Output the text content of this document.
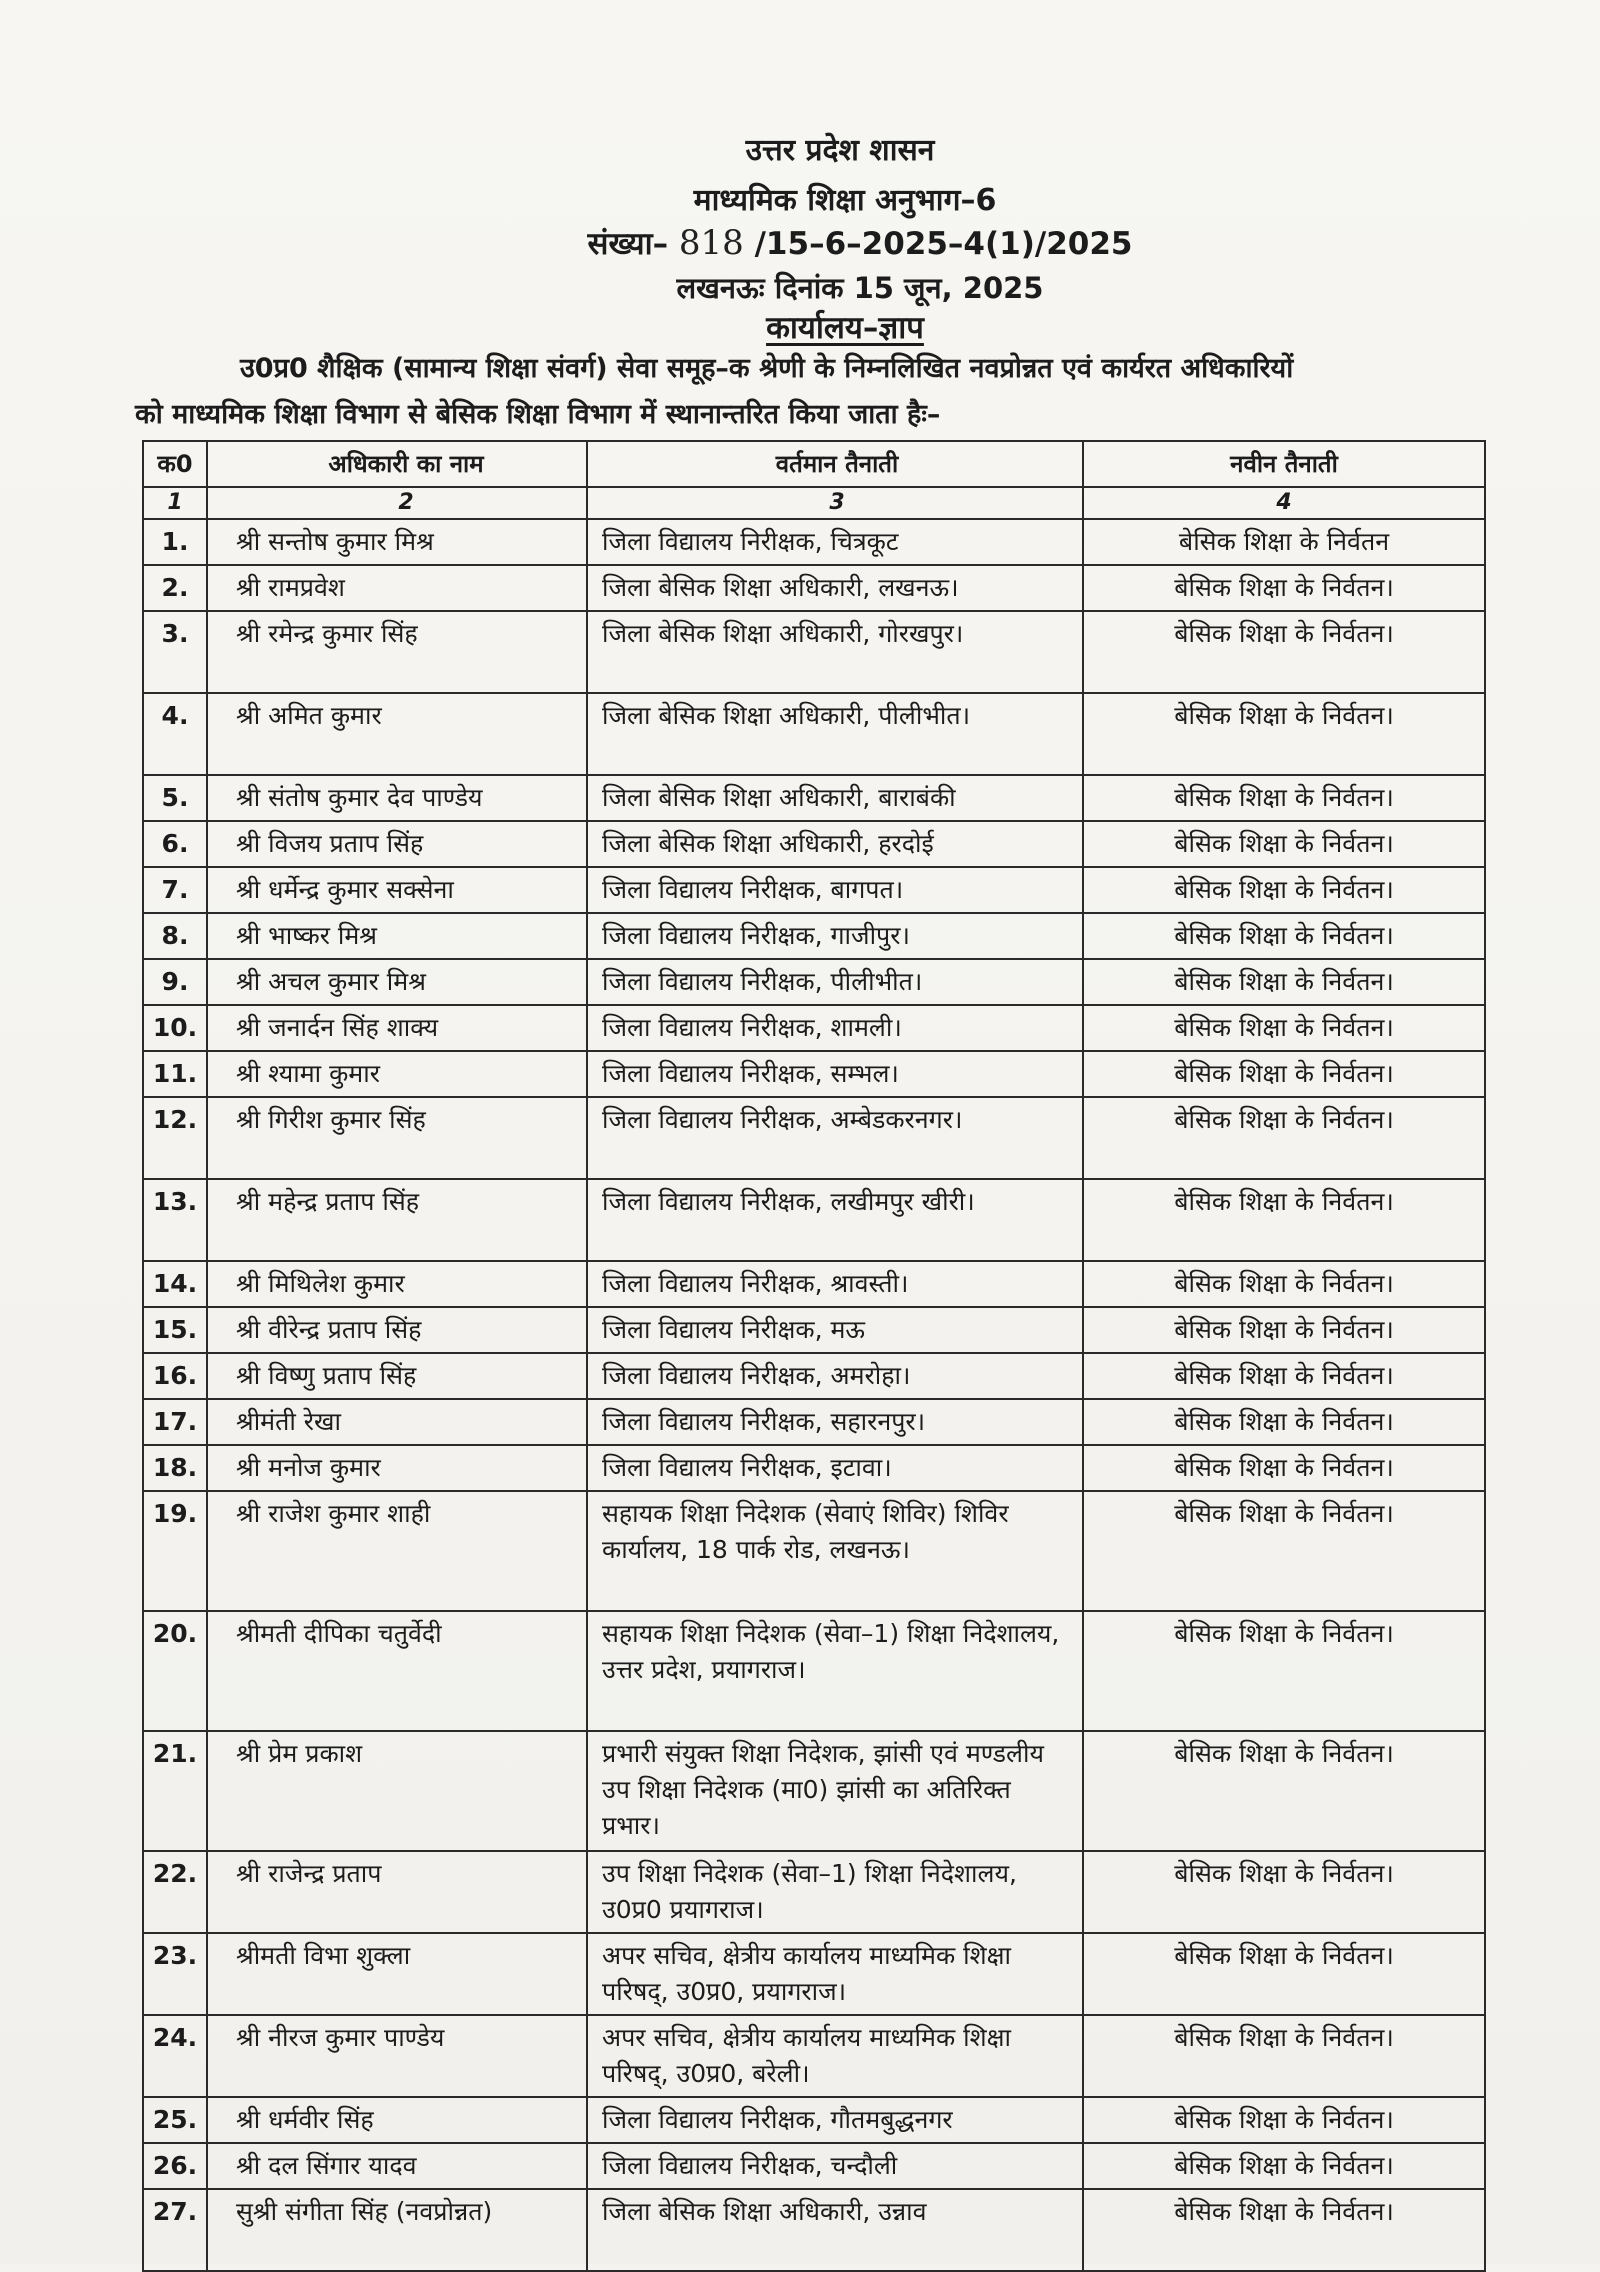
उत्तर प्रदेश शासन
माध्यमिक शिक्षा अनुभाग–6
संख्या– 818 /15–6–2025–4(1)/2025
लखनऊः दिनांक 15 जून, 2025
कार्यालय–ज्ञाप
उ0प्र0 शैक्षिक (सामान्य शिक्षा संवर्ग) सेवा समूह–क श्रेणी के निम्नलिखित नवप्रोन्नत एवं कार्यरत अधिकारियों
को माध्यमिक शिक्षा विभाग से बेसिक शिक्षा विभाग में स्थानान्तरित किया जाता हैः–
क0	अधिकारी का नाम	वर्तमान तैनाती	नवीन तैनाती
1	2	3	4
1.	श्री सन्तोष कुमार मिश्र	जिला विद्यालय निरीक्षक, चित्रकूट	बेसिक शिक्षा के निर्वतन
2.	श्री रामप्रवेश	जिला बेसिक शिक्षा अधिकारी, लखनऊ।	बेसिक शिक्षा के निर्वतन।
3.	श्री रमेन्द्र कुमार सिंह	जिला बेसिक शिक्षा अधिकारी, गोरखपुर।	बेसिक शिक्षा के निर्वतन।
4.	श्री अमित कुमार	जिला बेसिक शिक्षा अधिकारी, पीलीभीत।	बेसिक शिक्षा के निर्वतन।
5.	श्री संतोष कुमार देव पाण्डेय	जिला बेसिक शिक्षा अधिकारी, बाराबंकी	बेसिक शिक्षा के निर्वतन।
6.	श्री विजय प्रताप सिंह	जिला बेसिक शिक्षा अधिकारी, हरदोई	बेसिक शिक्षा के निर्वतन।
7.	श्री धर्मेन्द्र कुमार सक्सेना	जिला विद्यालय निरीक्षक, बागपत।	बेसिक शिक्षा के निर्वतन।
8.	श्री भाष्कर मिश्र	जिला विद्यालय निरीक्षक, गाजीपुर।	बेसिक शिक्षा के निर्वतन।
9.	श्री अचल कुमार मिश्र	जिला विद्यालय निरीक्षक, पीलीभीत।	बेसिक शिक्षा के निर्वतन।
10.	श्री जनार्दन सिंह शाक्य	जिला विद्यालय निरीक्षक, शामली।	बेसिक शिक्षा के निर्वतन।
11.	श्री श्यामा कुमार	जिला विद्यालय निरीक्षक, सम्भल।	बेसिक शिक्षा के निर्वतन।
12.	श्री गिरीश कुमार सिंह	जिला विद्यालय निरीक्षक, अम्बेडकरनगर।	बेसिक शिक्षा के निर्वतन।
13.	श्री महेन्द्र प्रताप सिंह	जिला विद्यालय निरीक्षक, लखीमपुर खीरी।	बेसिक शिक्षा के निर्वतन।
14.	श्री मिथिलेश कुमार	जिला विद्यालय निरीक्षक, श्रावस्ती।	बेसिक शिक्षा के निर्वतन।
15.	श्री वीरेन्द्र प्रताप सिंह	जिला विद्यालय निरीक्षक, मऊ	बेसिक शिक्षा के निर्वतन।
16.	श्री विष्णु प्रताप सिंह	जिला विद्यालय निरीक्षक, अमरोहा।	बेसिक शिक्षा के निर्वतन।
17.	श्रीमंती रेखा	जिला विद्यालय निरीक्षक, सहारनपुर।	बेसिक शिक्षा के निर्वतन।
18.	श्री मनोज कुमार	जिला विद्यालय निरीक्षक, इटावा।	बेसिक शिक्षा के निर्वतन।
19.	श्री राजेश कुमार शाही	सहायक शिक्षा निदेशक (सेवाएं शिविर) शिविर कार्यालय, 18 पार्क रोड, लखनऊ।	बेसिक शिक्षा के निर्वतन।
20.	श्रीमती दीपिका चतुर्वेदी	सहायक शिक्षा निदेशक (सेवा–1) शिक्षा निदेशालय, उत्तर प्रदेश, प्रयागराज।	बेसिक शिक्षा के निर्वतन।
21.	श्री प्रेम प्रकाश	प्रभारी संयुक्त शिक्षा निदेशक, झांसी एवं मण्डलीय उप शिक्षा निदेशक (मा0) झांसी का अतिरिक्त प्रभार।	बेसिक शिक्षा के निर्वतन।
22.	श्री राजेन्द्र प्रताप	उप शिक्षा निदेशक (सेवा–1) शिक्षा निदेशालय, उ0प्र0 प्रयागराज।	बेसिक शिक्षा के निर्वतन।
23.	श्रीमती विभा शुक्ला	अपर सचिव, क्षेत्रीय कार्यालय माध्यमिक शिक्षा परिषद्, उ0प्र0, प्रयागराज।	बेसिक शिक्षा के निर्वतन।
24.	श्री नीरज कुमार पाण्डेय	अपर सचिव, क्षेत्रीय कार्यालय माध्यमिक शिक्षा परिषद्, उ0प्र0, बरेली।	बेसिक शिक्षा के निर्वतन।
25.	श्री धर्मवीर सिंह	जिला विद्यालय निरीक्षक, गौतमबुद्धनगर	बेसिक शिक्षा के निर्वतन।
26.	श्री दल सिंगार यादव	जिला विद्यालय निरीक्षक, चन्दौली	बेसिक शिक्षा के निर्वतन।
27.	सुश्री संगीता सिंह (नवप्रोन्नत)	जिला बेसिक शिक्षा अधिकारी, उन्नाव	बेसिक शिक्षा के निर्वतन।
